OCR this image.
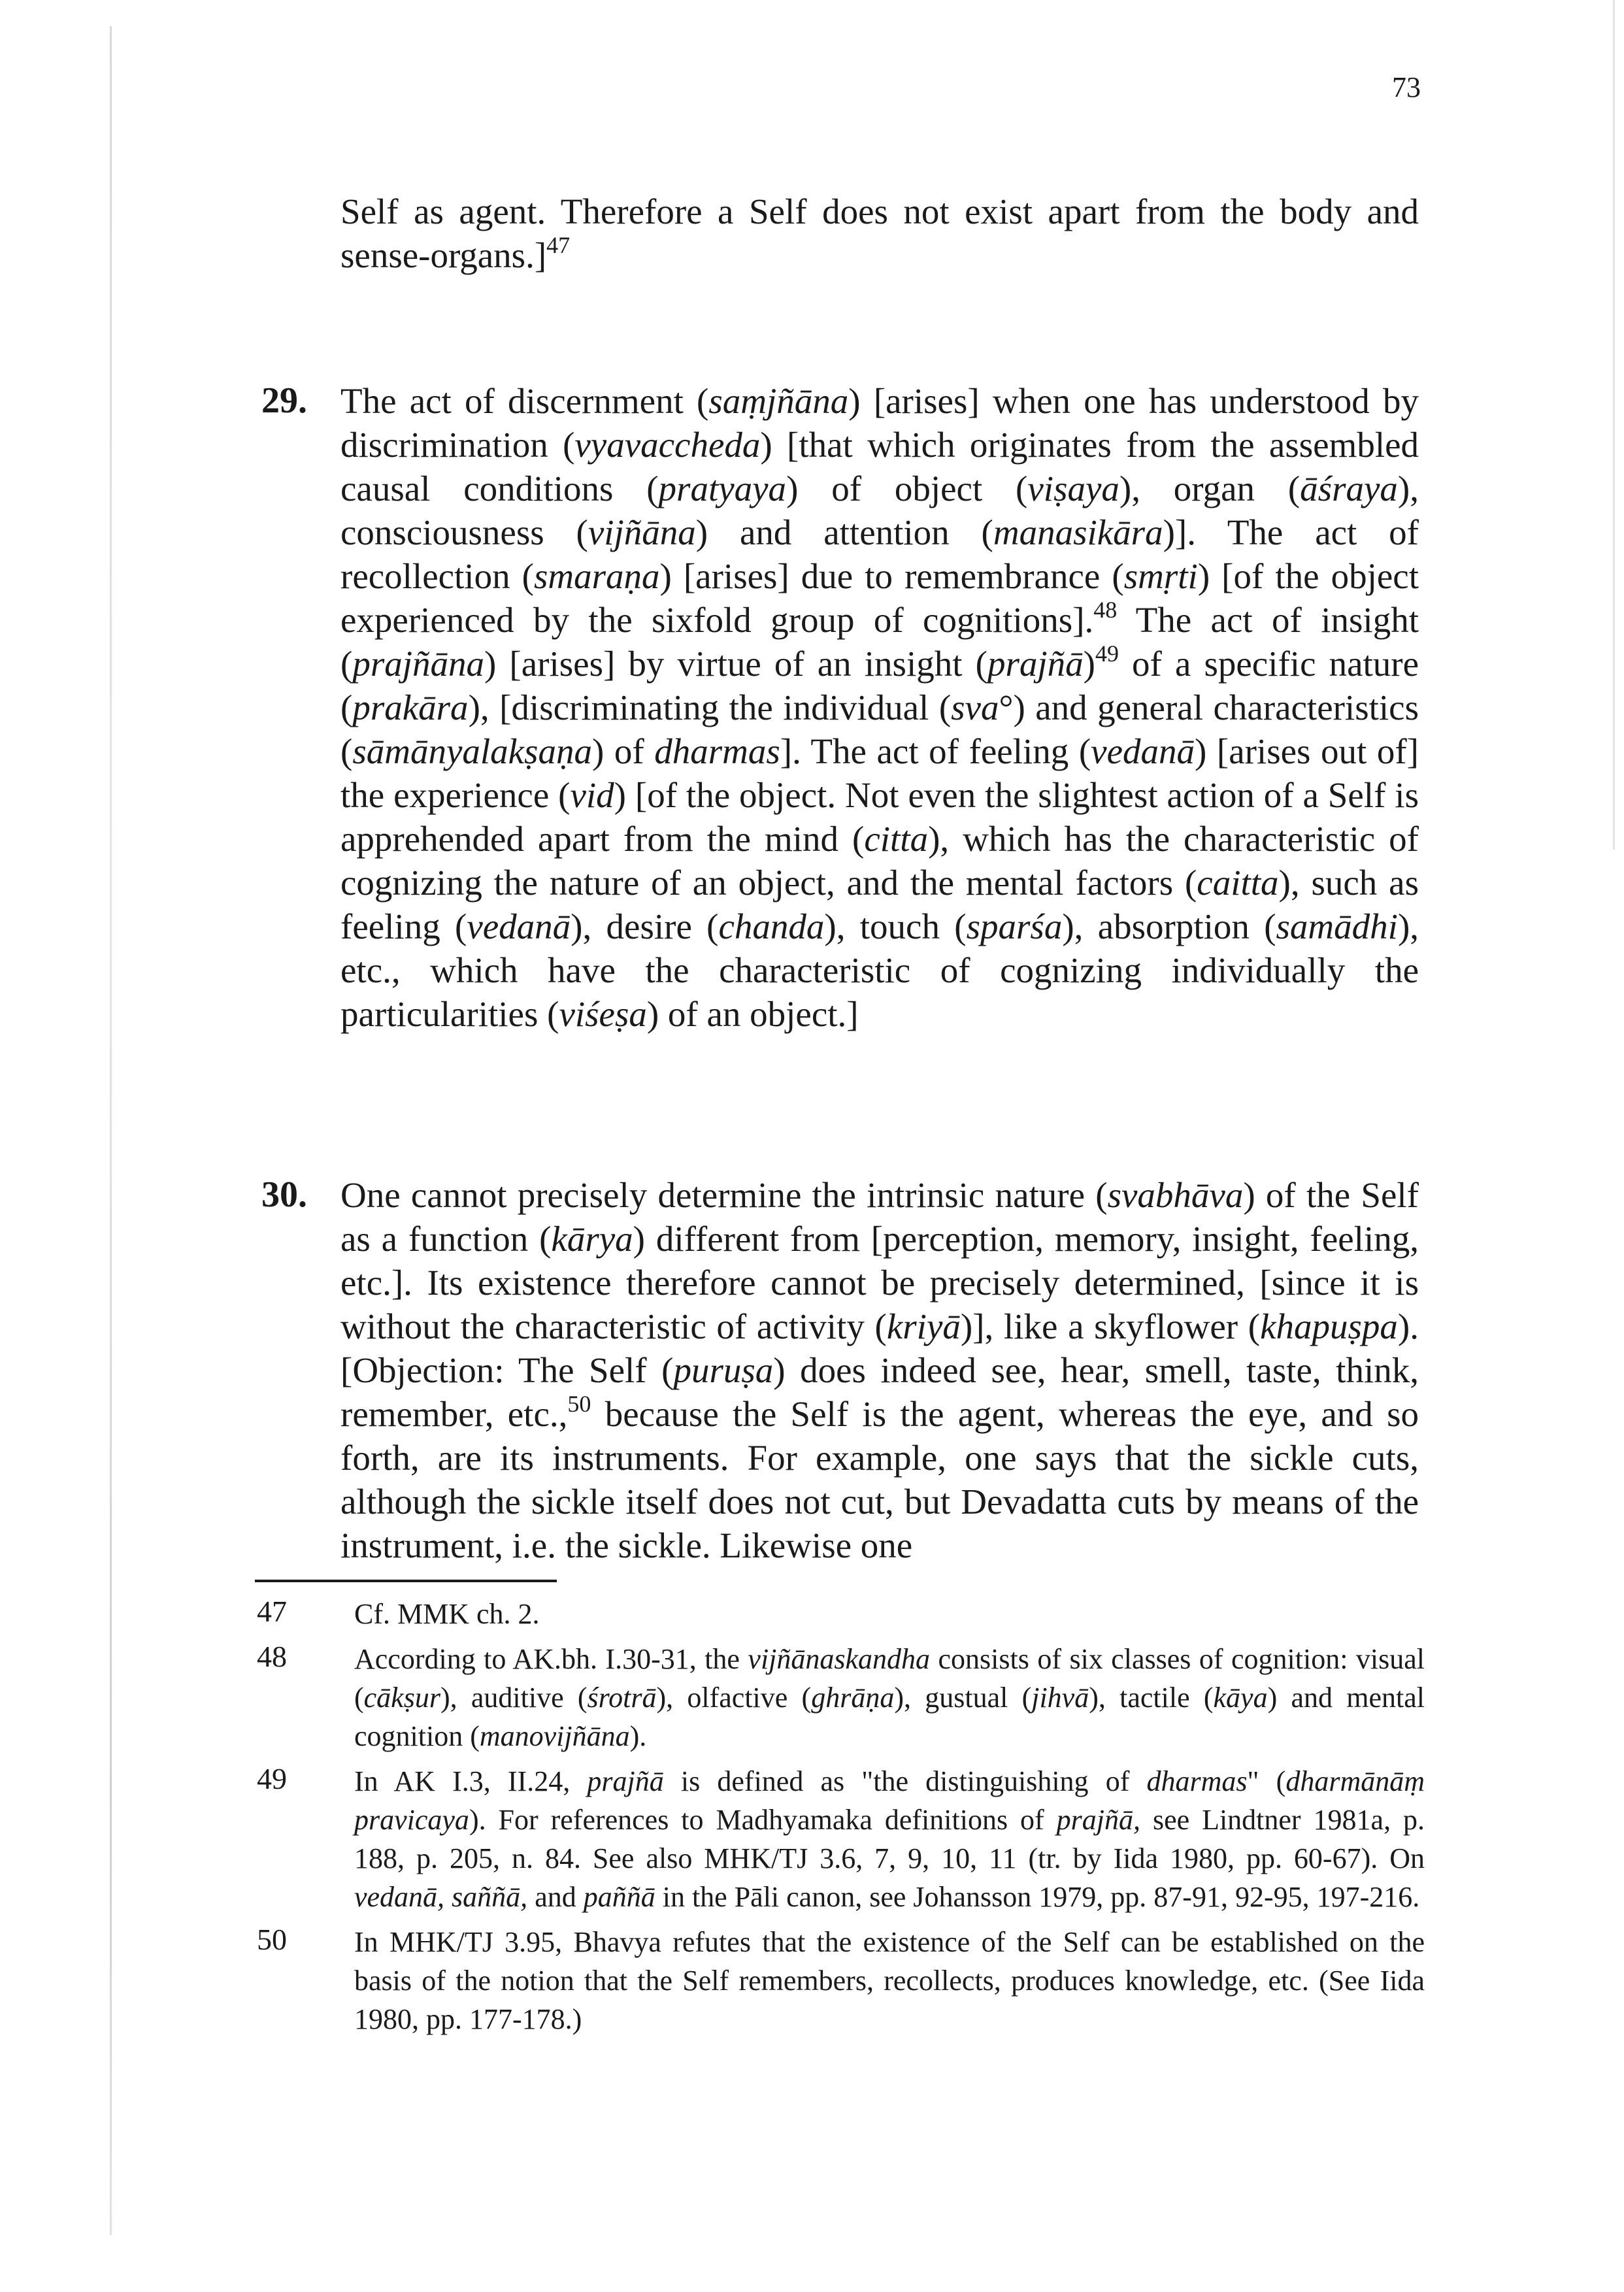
73
Self as agent. Therefore a Self does not exist apart from the body and sense-organs.]$^{47}$
29. The act of discernment (saṃjñāna) [arises] when one has understood by discrimination (vyavaccheda) [that which originates from the assembled causal conditions (pratyaya) of object (viṣaya), organ (āśraya), consciousness (vijñāna) and attention (manasikāra)]. The act of recollection (smaraṇa) [arises] due to remembrance (smṛti) [of the object experienced by the sixfold group of cognitions].$^{48}$ The act of insight (prajñāna) [arises] by virtue of an insight (prajñā)$^{49}$ of a specific nature (prakāra), [discriminating the individual (sva°) and general characteristics (sāmānyalakṣaṇa) of dharmas]. The act of feeling (vedanā) [arises out of] the experience (vid) [of the object. Not even the slightest action of a Self is apprehended apart from the mind (citta), which has the characteristic of cognizing the nature of an object, and the mental factors (caitta), such as feeling (vedanā), desire (chanda), touch (sparśa), absorption (samādhi), etc., which have the characteristic of cognizing individually the particularities (viśeṣa) of an object.]
30. One cannot precisely determine the intrinsic nature (svabhāva) of the Self as a function (kārya) different from [perception, memory, insight, feeling, etc.]. Its existence therefore cannot be precisely determined, [since it is without the characteristic of activity (kriyā)], like a skyflower (khapuṣpa). [Objection: The Self (puruṣa) does indeed see, hear, smell, taste, think, remember, etc.,$^{50}$ because the Self is the agent, whereas the eye, and so forth, are its instruments. For example, one says that the sickle cuts, although the sickle itself does not cut, but Devadatta cuts by means of the instrument, i.e. the sickle. Likewise one
47 Cf. MMK ch. 2.
48 According to AK.bh. I.30-31, the vijñānaskandha consists of six classes of cognition: visual (cākṣur), auditive (śrotrā), olfactive (ghrāṇa), gustual (jihvā), tactile (kāya) and mental cognition (manovijñāna).
49 In AK I.3, II.24, prajñā is defined as "the distinguishing of dharmas" (dharmānāṃ pravicaya). For references to Madhyamaka definitions of prajñā, see Lindtner 1981a, p. 188, p. 205, n. 84. See also MHK/TJ 3.6, 7, 9, 10, 11 (tr. by Iida 1980, pp. 60-67). On vedanā, saññā, and paññā in the Pāli canon, see Johansson 1979, pp. 87-91, 92-95, 197-216.
50 In MHK/TJ 3.95, Bhavya refutes that the existence of the Self can be established on the basis of the notion that the Self remembers, recollects, produces knowledge, etc. (See Iida 1980, pp. 177-178.)
